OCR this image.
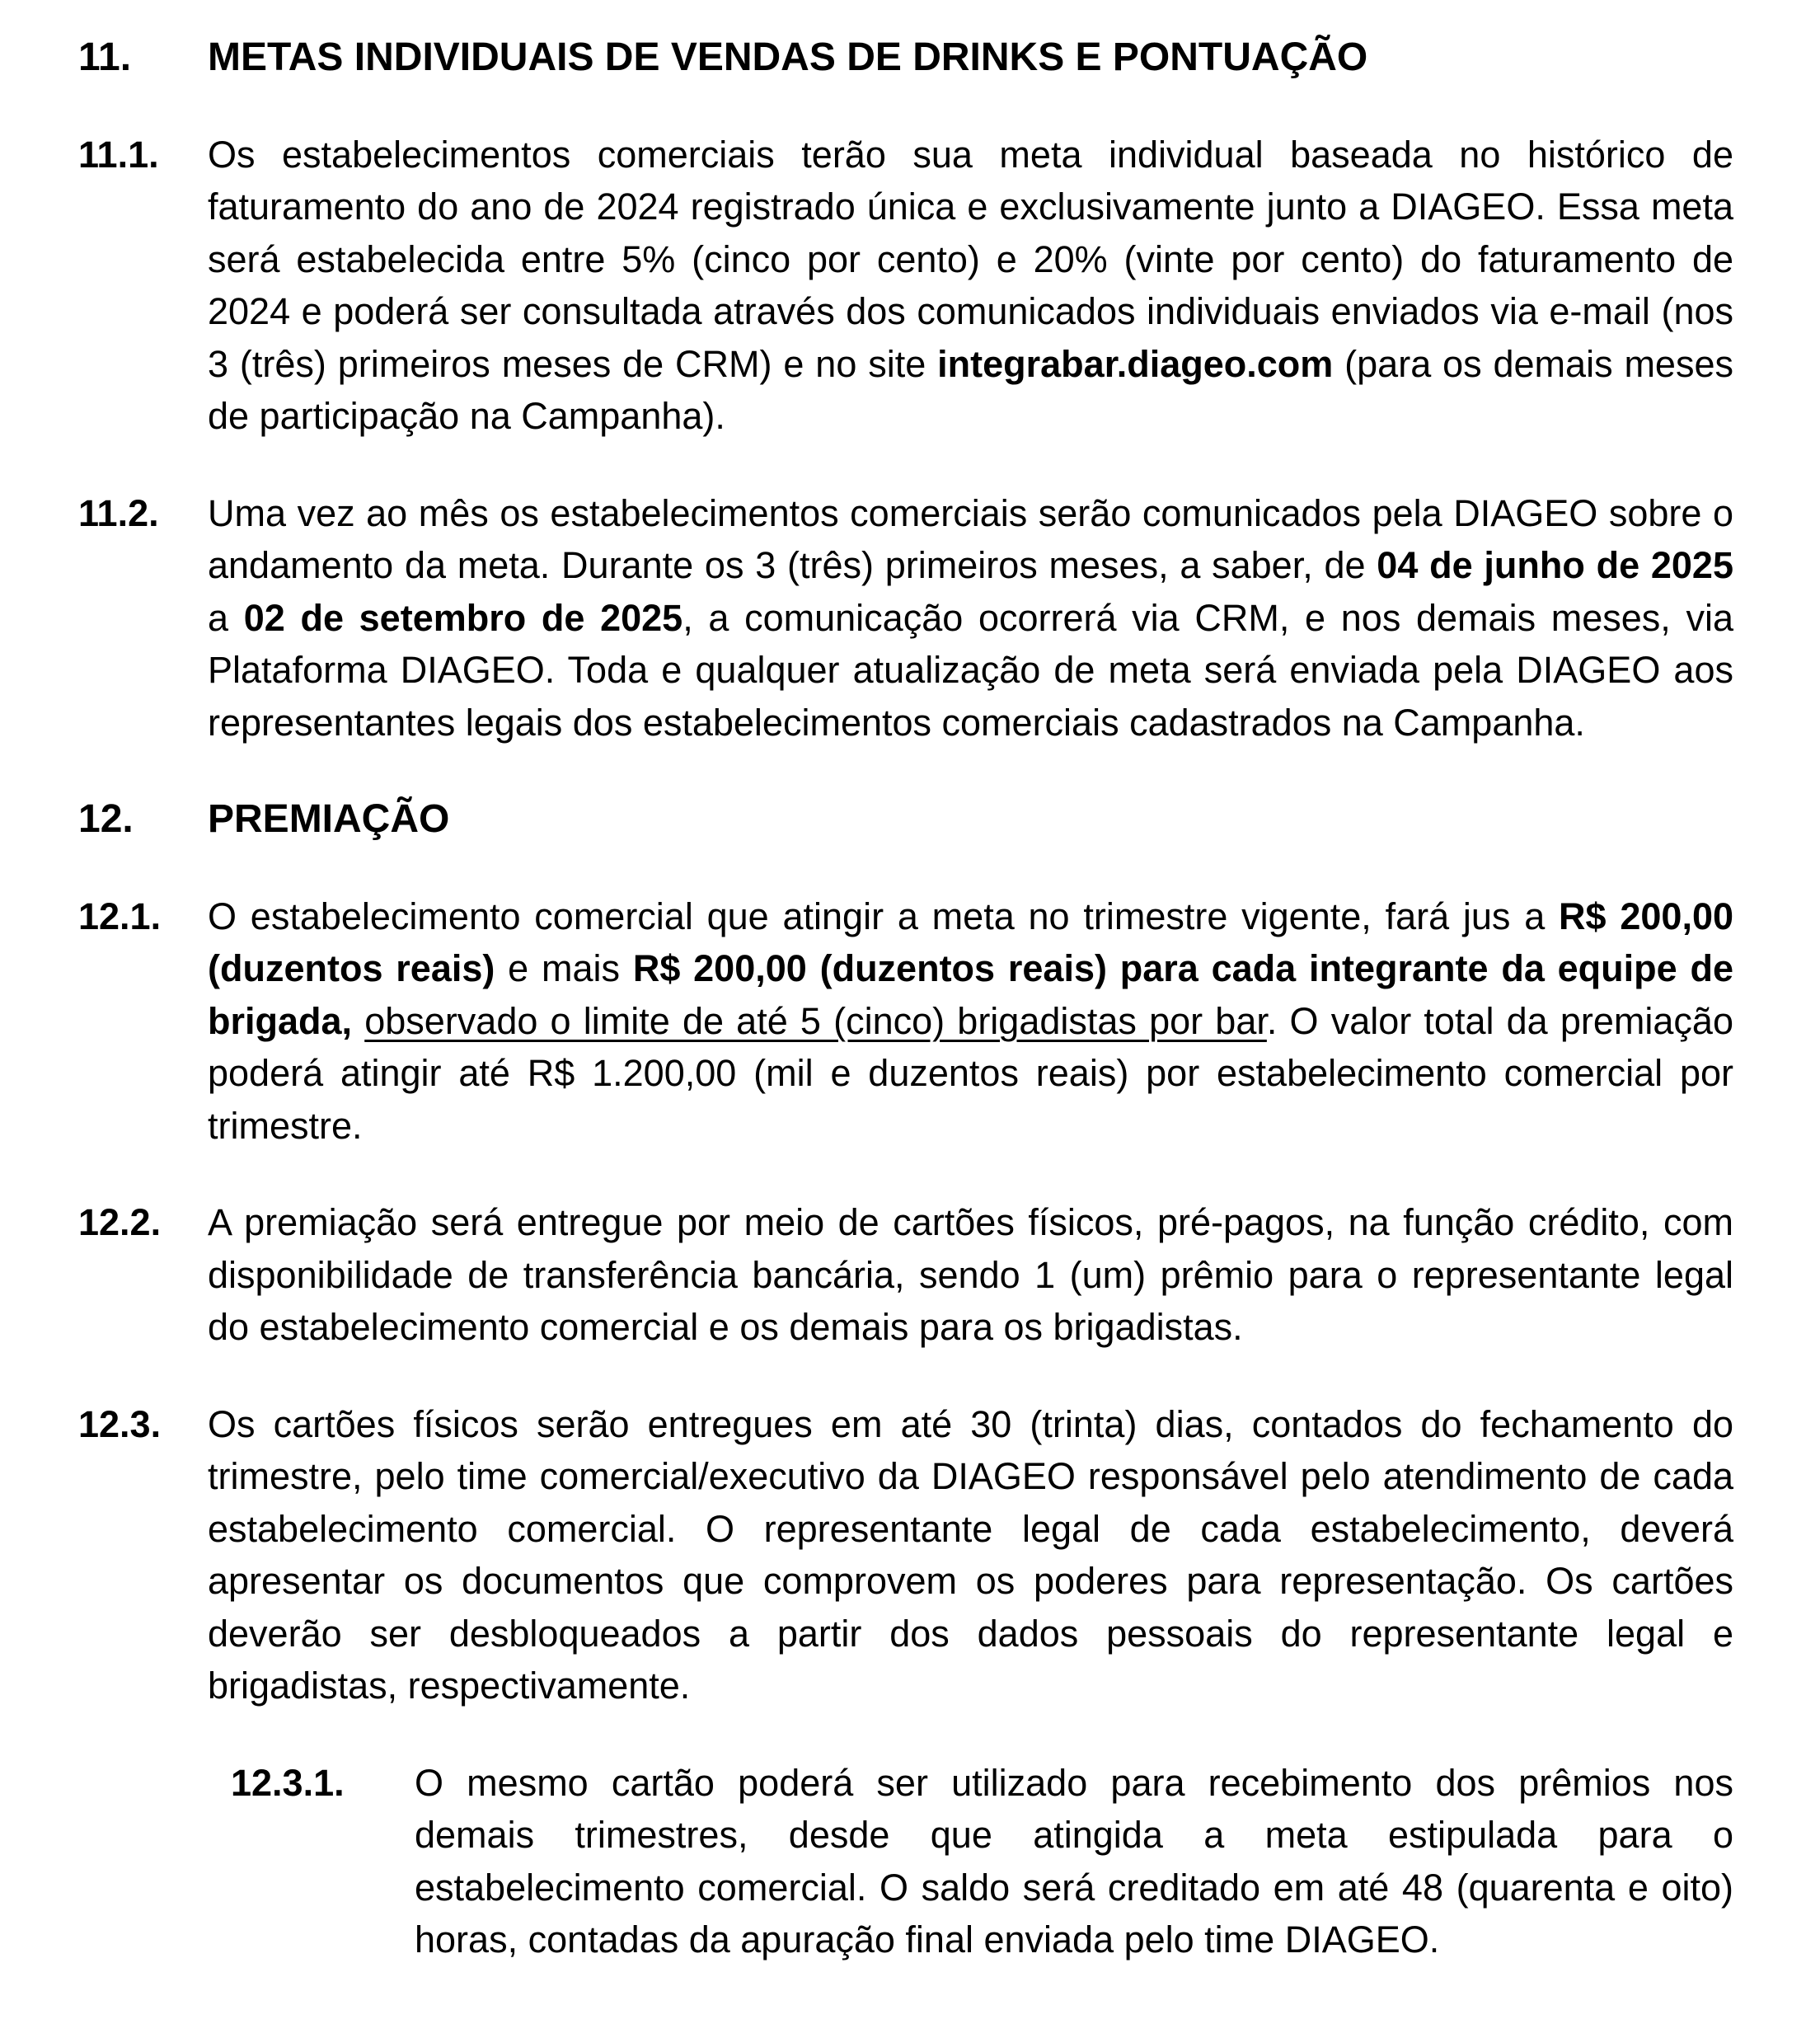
11.	METAS INDIVIDUAIS DE VENDAS DE DRINKS E PONTUAÇÃO
11.1.	Os estabelecimentos comerciais terão sua meta individual baseada no histórico de faturamento do ano de 2024 registrado única e exclusivamente junto a DIAGEO. Essa meta será estabelecida entre 5% (cinco por cento) e 20% (vinte por cento) do faturamento de 2024 e poderá ser consultada através dos comunicados individuais enviados via e-mail (nos 3 (três) primeiros meses de CRM) e no site integrabar.diageo.com (para os demais meses de participação na Campanha).
11.2.	Uma vez ao mês os estabelecimentos comerciais serão comunicados pela DIAGEO sobre o andamento da meta. Durante os 3 (três) primeiros meses, a saber, de 04 de junho de 2025 a 02 de setembro de 2025, a comunicação ocorrerá via CRM, e nos demais meses, via Plataforma DIAGEO. Toda e qualquer atualização de meta será enviada pela DIAGEO aos representantes legais dos estabelecimentos comerciais cadastrados na Campanha.
12.	PREMIAÇÃO
12.1.	O estabelecimento comercial que atingir a meta no trimestre vigente, fará jus a R$ 200,00 (duzentos reais) e mais R$ 200,00 (duzentos reais) para cada integrante da equipe de brigada, observado o limite de até 5 (cinco) brigadistas por bar. O valor total da premiação poderá atingir até R$ 1.200,00 (mil e duzentos reais) por estabelecimento comercial por trimestre.
12.2.	A premiação será entregue por meio de cartões físicos, pré-pagos, na função crédito, com disponibilidade de transferência bancária, sendo 1 (um) prêmio para o representante legal do estabelecimento comercial e os demais para os brigadistas.
12.3.	Os cartões físicos serão entregues em até 30 (trinta) dias, contados do fechamento do trimestre, pelo time comercial/executivo da DIAGEO responsável pelo atendimento de cada estabelecimento comercial. O representante legal de cada estabelecimento, deverá apresentar os documentos que comprovem os poderes para representação. Os cartões deverão ser desbloqueados a partir dos dados pessoais do representante legal e brigadistas, respectivamente.
12.3.1.	O mesmo cartão poderá ser utilizado para recebimento dos prêmios nos demais trimestres, desde que atingida a meta estipulada para o estabelecimento comercial. O saldo será creditado em até 48 (quarenta e oito) horas, contadas da apuração final enviada pelo time DIAGEO.
